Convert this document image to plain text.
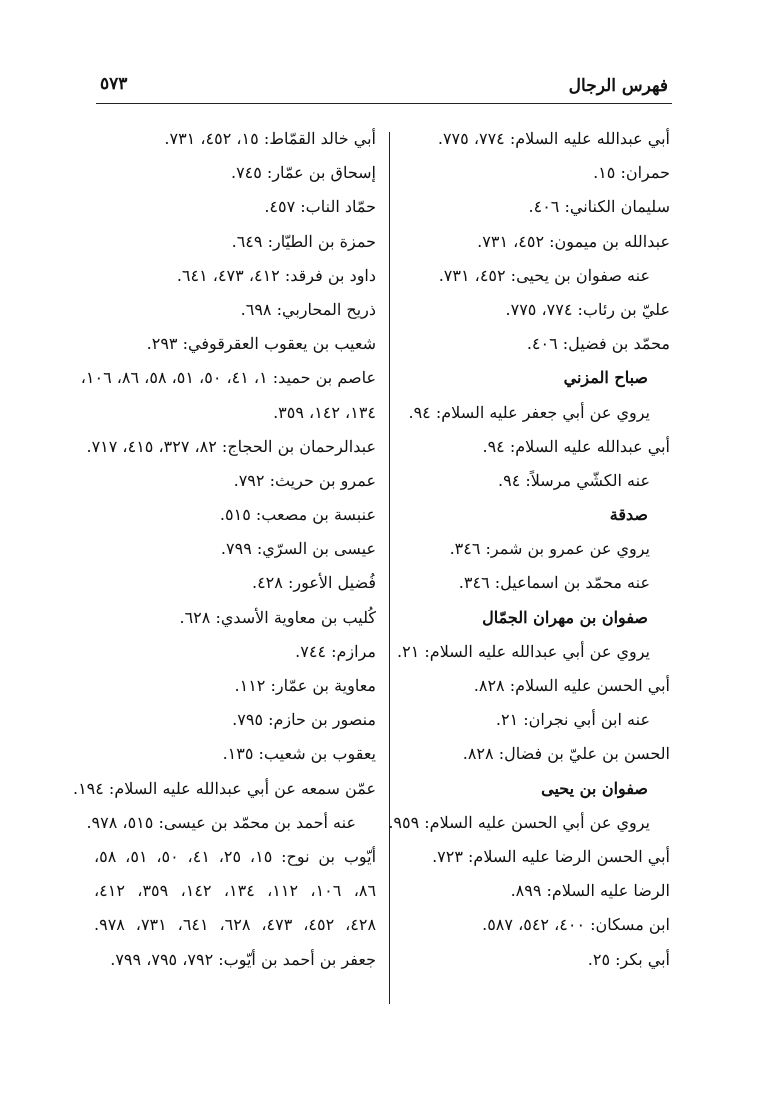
فهرس الرجال
٥٧٣
أبي عبدالله عليه السلام: ٧٧٤، ٧٧٥.
حمران: ١٥.
سليمان الكناني: ٤٠٦.
عبدالله بن ميمون: ٤٥٢، ٧٣١.
عنه صفوان بن يحيى: ٤٥٢، ٧٣١.
عليّ بن رئاب: ٧٧٤، ٧٧٥.
محمّد بن فضيل: ٤٠٦.
صباح المزني
يروي عن أبي جعفر عليه السلام: ٩٤.
أبي عبدالله عليه السلام: ٩٤.
عنه الكشّي مرسلاً: ٩٤.
صدقة
يروي عن عمرو بن شمر: ٣٤٦.
عنه محمّد بن اسماعيل: ٣٤٦.
صفوان بن مهران الجمّال
يروي عن أبي عبدالله عليه السلام: ٢١.
أبي الحسن عليه السلام: ٨٢٨.
عنه ابن أبي نجران: ٢١.
الحسن بن عليّ بن فضال: ٨٢٨.
صفوان بن يحيى
يروي عن أبي الحسن عليه السلام: ٩٥٩.
أبي الحسن الرضا عليه السلام: ٧٢٣.
الرضا عليه السلام: ٨٩٩.
ابن مسكان: ٤٠٠، ٥٤٢، ٥٨٧.
أبي بكر: ٢٥.
أبي خالد القمّاط: ١٥، ٤٥٢، ٧٣١.
إسحاق بن عمّار: ٧٤٥.
حمّاد الناب: ٤٥٧.
حمزة بن الطيّار: ٦٤٩.
داود بن فرقد: ٤١٢، ٤٧٣، ٦٤١.
ذريح المحاربي: ٦٩٨.
شعيب بن يعقوب العقرقوفي: ٢٩٣.
عاصم بن حميد: ١، ٤١، ٥٠، ٥١، ٥٨، ٨٦، ١٠٦،
١٣٤، ١٤٢، ٣٥٩.
عبدالرحمان بن الحجاج: ٨٢، ٣٢٧، ٤١٥، ٧١٧.
عمرو بن حريث: ٧٩٢.
عنبسة بن مصعب: ٥١٥.
عيسى بن السرّي: ٧٩٩.
فُضيل الأعور: ٤٢٨.
كُليب بن معاوية الأسدي: ٦٢٨.
مرازم: ٧٤٤.
معاوية بن عمّار: ١١٢.
منصور بن حازم: ٧٩٥.
يعقوب بن شعيب: ١٣٥.
عمّن سمعه عن أبي عبدالله عليه السلام: ١٩٤.
عنه أحمد بن محمّد بن عيسى: ٥١٥، ٩٧٨.
أيّوب بن نوح: ١٥، ٢٥، ٤١، ٥٠، ٥١، ٥٨،
٨٦، ١٠٦، ١١٢، ١٣٤، ١٤٢، ٣٥٩، ٤١٢،
٤٢٨، ٤٥٢، ٤٧٣، ٦٢٨، ٦٤١، ٧٣١، ٩٧٨.
جعفر بن أحمد بن أيّوب: ٧٩٢، ٧٩٥، ٧٩٩.
